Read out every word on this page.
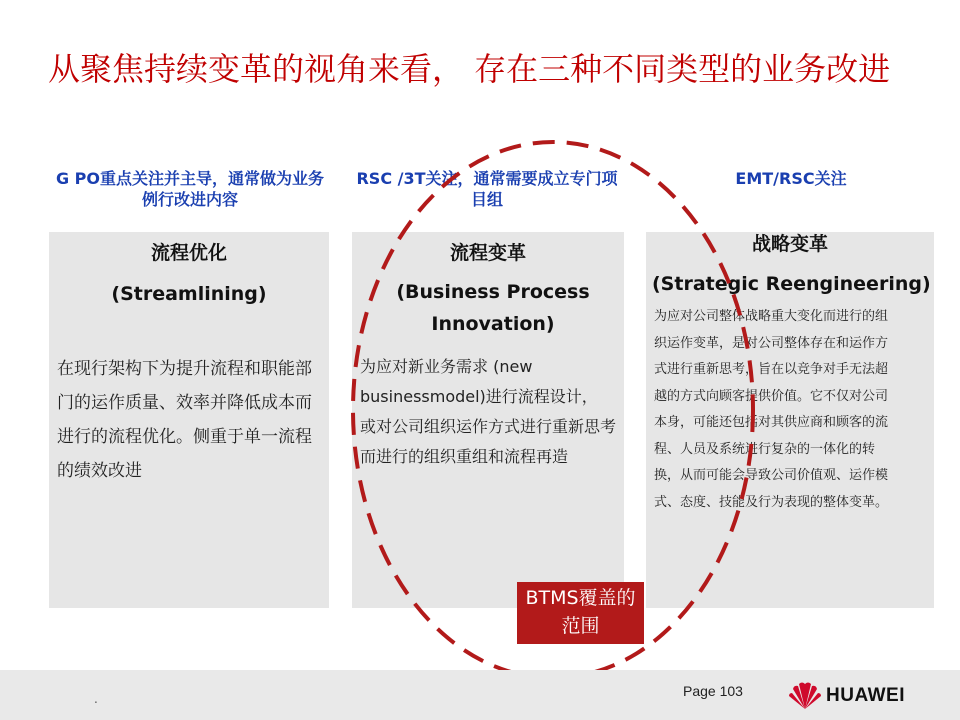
从聚焦持续变革的视角来看， 存在三种不同类型的业务改进
G PO重点关注并主导，通常做为业务例行改进内容
RSC /3T关注，通常需要成立专门项目组
EMT/RSC关注
流程优化
(Streamlining)
在现行架构下为提升流程和职能部门的运作质量、效率并降低成本而进行的流程优化。侧重于单一流程的绩效改进
流程变革
(Business Process Innovation)
为应对新业务需求 (new businessmodel)进行流程设计， 或对公司组织运作方式进行重新思考而进行的组织重组和流程再造
战略变革
(Strategic Reengineering)
为应对公司整体战略重大变化而进行的组织运作变革，是对公司整体存在和运作方式进行重新思考，旨在以竞争对手无法超越的方式向顾客提供价值。它不仅对公司本身，可能还包括对其供应商和顾客的流程、人员及系统进行复杂的一体化的转换，从而可能会导致公司价值观、运作模式、态度、技能及行为表现的整体变革。
BTMS覆盖的范围
.	Page 103	HUAWEI
